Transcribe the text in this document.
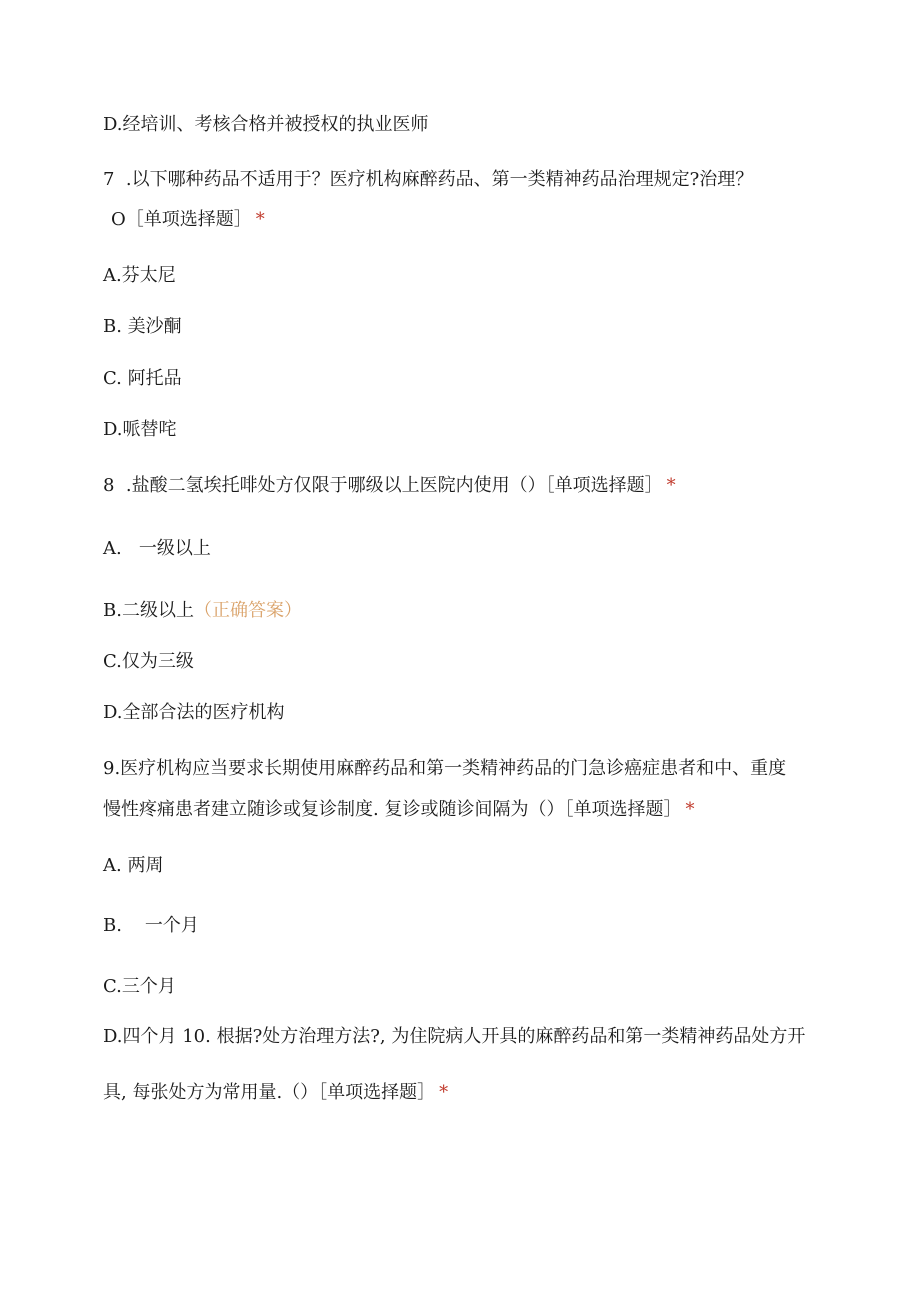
D.经培训、考核合格并被授权的执业医师
7  .以下哪种药品不适用于？医疗机构麻醉药品、第一类精神药品治理规定?治理？
O［单项选择题］ *
A.芬太尼
B. 美沙酮
C. 阿托品
D.哌替咤
8  .盐酸二氢埃托啡处方仅限于哪级以上医院内使用（）［单项选择题］ *
A.   一级以上
B.二级以上（正确答案）
C.仅为三级
D.全部合法的医疗机构
9.医疗机构应当要求长期使用麻醉药品和第一类精神药品的门急诊癌症患者和中、重度
慢性疼痛患者建立随诊或复诊制度. 复诊或随诊间隔为（）［单项选择题］ *
A. 两周
B.    一个月
C.三个月
D.四个月 10. 根据?处方治理方法?, 为住院病人开具的麻醉药品和第一类精神药品处方开
具, 每张处方为常用量.（）［单项选择题］ *
